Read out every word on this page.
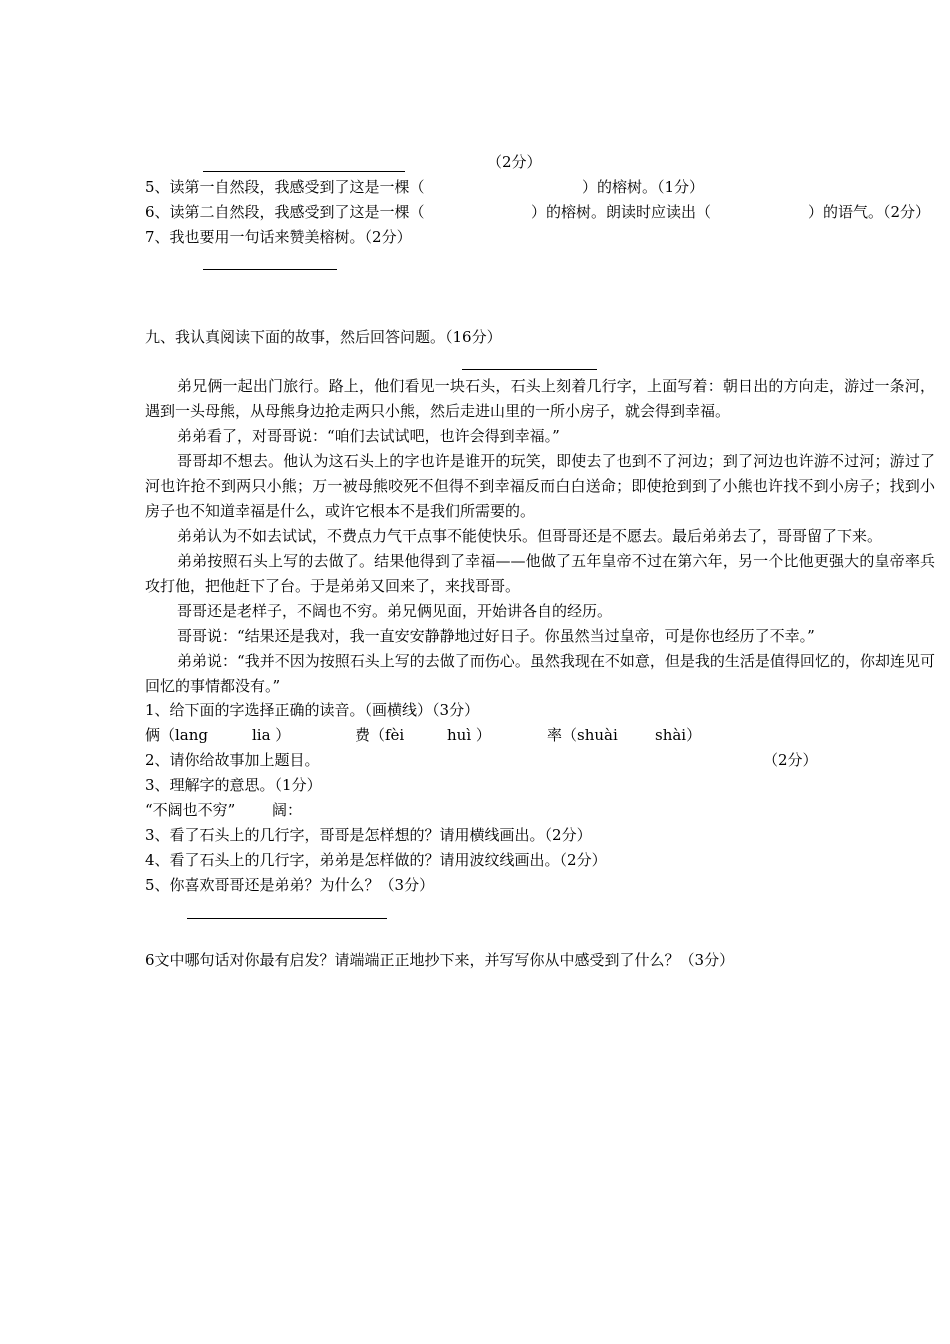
（2分）
5、读第一自然段，我感受到了这是一棵（	）的榕树。（1分）
6、读第二自然段，我感受到了这是一棵（	）的榕树。朗读时应读出（	）的语气。（2分）
7、我也要用一句话来赞美榕树。（2分）
九、我认真阅读下面的故事，然后回答问题。（16分）
弟兄俩一起出门旅行。路上，他们看见一块石头，石头上刻着几行字，上面写着：朝日出的方向走，游过一条河，遇到一头母熊，从母熊身边抢走两只小熊，然后走进山里的一所小房子，就会得到幸福。
弟弟看了，对哥哥说：“咱们去试试吧，也许会得到幸福。”
哥哥却不想去。他认为这石头上的字也许是谁开的玩笑，即使去了也到不了河边；到了河边也许游不过河；游过了河也许抢不到两只小熊；万一被母熊咬死不但得不到幸福反而白白送命；即使抢到到了小熊也许找不到小房子；找到小房子也不知道幸福是什么，或许它根本不是我们所需要的。
弟弟认为不如去试试，不费点力气干点事不能使快乐。但哥哥还是不愿去。最后弟弟去了，哥哥留了下来。
弟弟按照石头上写的去做了。结果他得到了幸福——他做了五年皇帝不过在第六年，另一个比他更强大的皇帝率兵攻打他，把他赶下了台。于是弟弟又回来了，来找哥哥。
哥哥还是老样子，不阔也不穷。弟兄俩见面，开始讲各自的经历。
哥哥说：“结果还是我对，我一直安安静静地过好日子。你虽然当过皇帝，可是你也经历了不幸。”
弟弟说：“我并不因为按照石头上写的去做了而伤心。虽然我现在不如意，但是我的生活是值得回忆的，你却连见可回忆的事情都没有。”
1、给下面的字选择正确的读音。（画横线）（3分）
俩（lang	lia ）	费（fèi	huì ）	率（shuài shài）
2、请你给故事加上题目。	（2分）
3、理解字的意思。（1分）
“不阔也不穷” 阔：
3、看了石头上的几行字，哥哥是怎样想的？请用横线画出。（2分）
4、看了石头上的几行字，弟弟是怎样做的？请用波纹线画出。（2分）
5、你喜欢哥哥还是弟弟？为什么？（3分）
6文中哪句话对你最有启发？请端端正正地抄下来，并写写你从中感受到了什么？（3分）
